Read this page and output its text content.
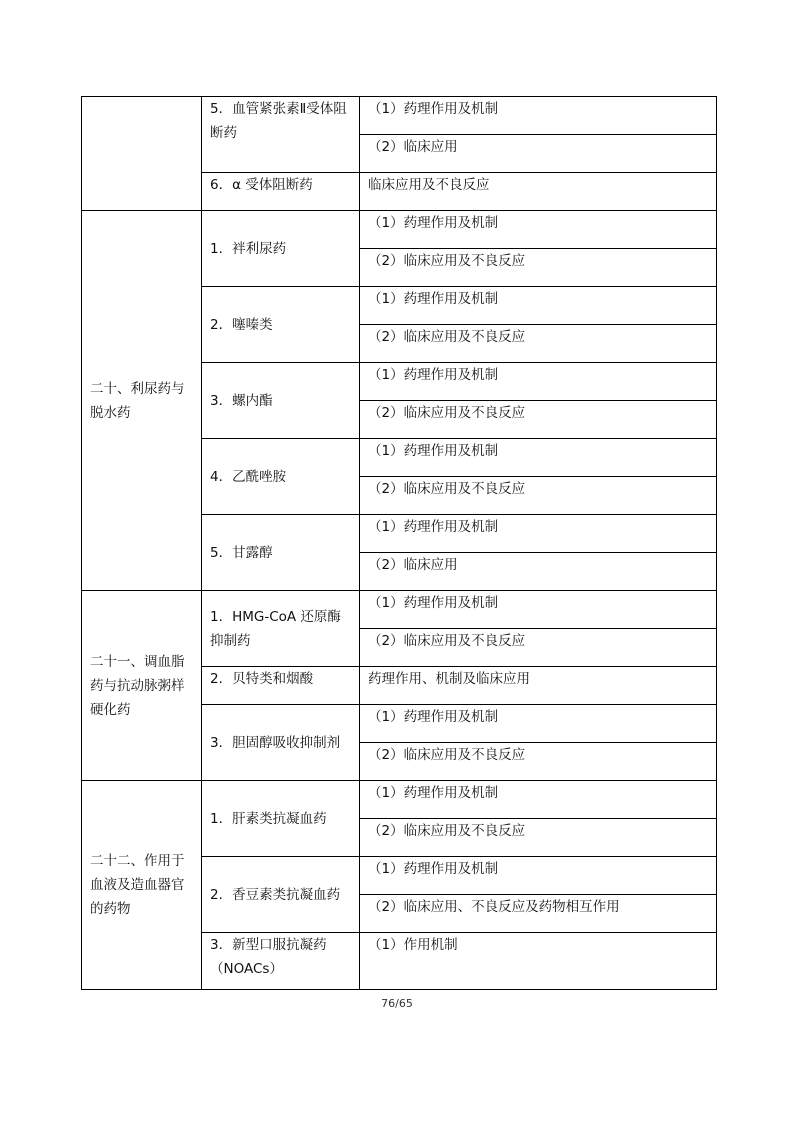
	5．血管紧张素Ⅱ受体阻断药	（1）药理作用及机制
		（2）临床应用
	6．α 受体阻断药	临床应用及不良反应
二十、利尿药与脱水药	1．袢利尿药	（1）药理作用及机制
		（2）临床应用及不良反应
	2．噻嗪类	（1）药理作用及机制
		（2）临床应用及不良反应
	3．螺内酯	（1）药理作用及机制
		（2）临床应用及不良反应
	4．乙酰唑胺	（1）药理作用及机制
		（2）临床应用及不良反应
	5．甘露醇	（1）药理作用及机制
		（2）临床应用
二十一、调血脂药与抗动脉粥样硬化药	1．HMG-CoA 还原酶抑制药	（1）药理作用及机制
		（2）临床应用及不良反应
	2．贝特类和烟酸	药理作用、机制及临床应用
	3．胆固醇吸收抑制剂	（1）药理作用及机制
		（2）临床应用及不良反应
二十二、作用于血液及造血器官的药物	1．肝素类抗凝血药	（1）药理作用及机制
		（2）临床应用及不良反应
	2．香豆素类抗凝血药	（1）药理作用及机制
		（2）临床应用、不良反应及药物相互作用
	3．新型口服抗凝药（NOACs）	（1）作用机制
76/65
